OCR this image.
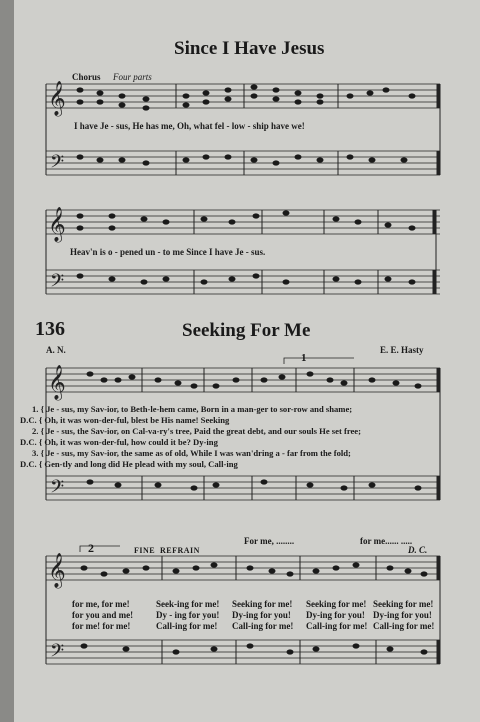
Since I Have Jesus
Chorus Four parts
𝄞
𝄢
𝄞
𝄢
𝄞
𝄢
𝄞
𝄢
I have Je - sus, He has me, Oh, what fel - low - ship have we!
Heav'n is o - pened un - to me Since I have Je - sus.
136	Seeking For Me
A. N.	E. E. Hasty
1
1. { Je - sus, my Sav-ior, to Beth-le-hem came, Born in a man-ger to sor-row and shame;
D.C. { Oh, it was won-der-ful, blest be His name! Seeking
2. { Je - sus, the Sav-ior, on Cal-va-ry's tree, Paid the great debt, and our souls He set free;
D.C. { Oh, it was won-der-ful, how could it be? Dy-ing
3. { Je - sus, my Sav-ior, the same as of old, While I was wan'dring a - far from the fold;
D.C. { Gen-tly and long did He plead with my soul, Call-ing
2	FINE REFRAIN
For me, ........	for me...... .....
D. C.
for me, for me!	Seek-ing for me! Seeking for me! Seeking for me! Seeking for me!
for you and me!	Dy - ing for you! Dy-ing for you! Dy-ing for you! Dy-ing for you!
for me! for me!	Call-ing for me! Call-ing for me! Call-ing for me! Call-ing for me!
